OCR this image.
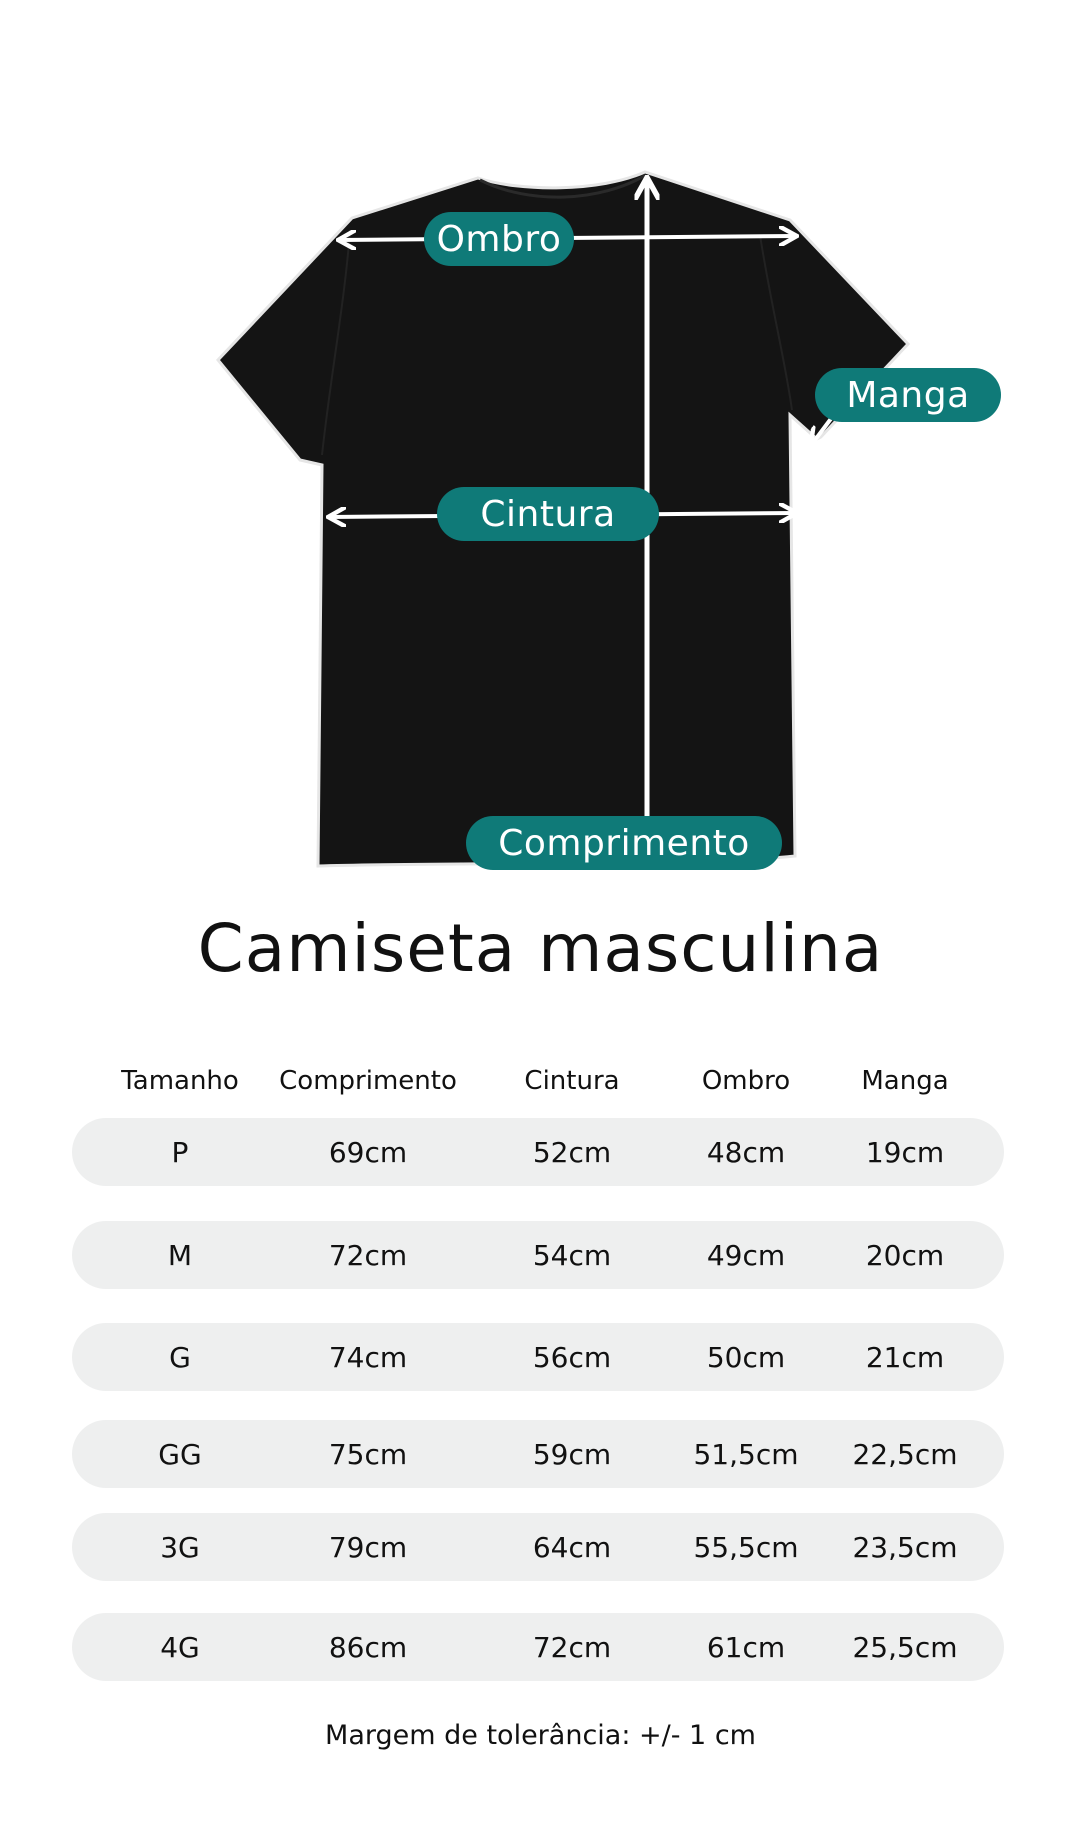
Ombro
Manga
Cintura
Comprimento
Camiseta masculina
Tamanho Comprimento	Cintura	Ombro	Manga
P	69cm	52cm	48cm	19cm
M	72cm	54cm	49cm	20cm
G	74cm	56cm	50cm	21cm
GG	75cm	59cm	51,5cm 22,5cm
3G	79cm	64cm	55,5cm 23,5cm
4G	86cm	72cm	61cm 25,5cm
Margem de tolerância: +/- 1 cm
